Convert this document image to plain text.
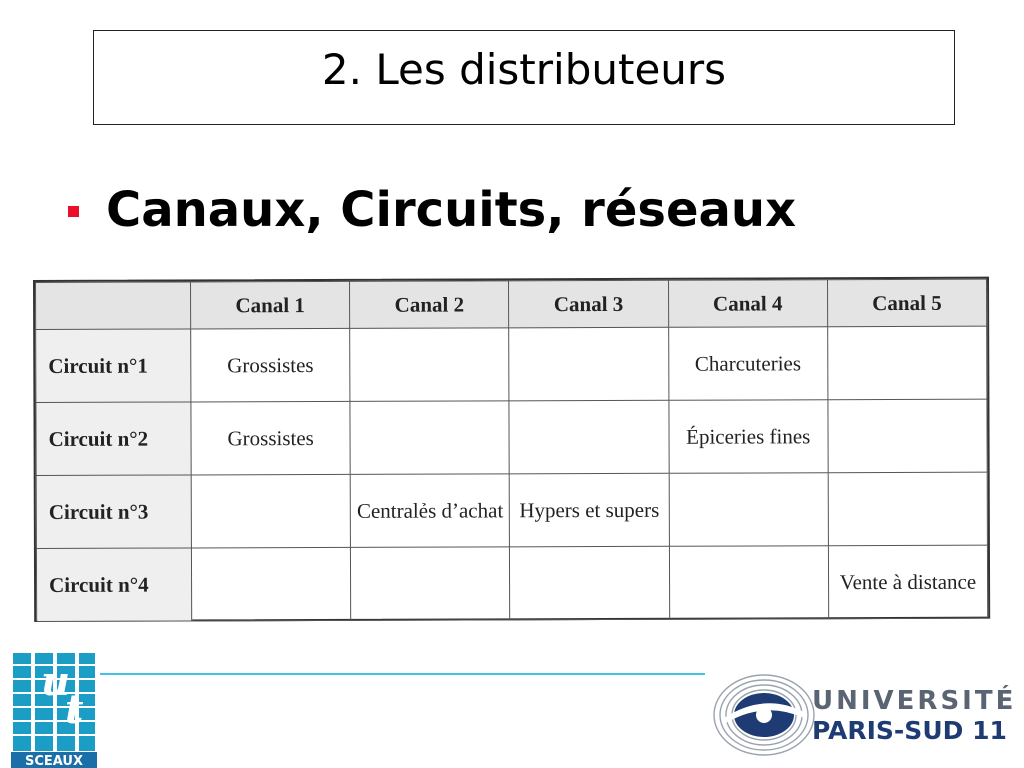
2. Les distributeurs
Canaux, Circuits, réseaux
	Canal 1	Canal 2	Canal 3	Canal 4	Canal 5
Circuit n°1	Grossistes			Charcuteries	
Circuit n°2	Grossistes			Épiceries fines	
Circuit n°3		Centralẻs d’achat	Hypers et supers		
Circuit n°4					Vente à distance
u
t
SCEAUX
UNIVERSITÉ
PARIS-SUD 11
